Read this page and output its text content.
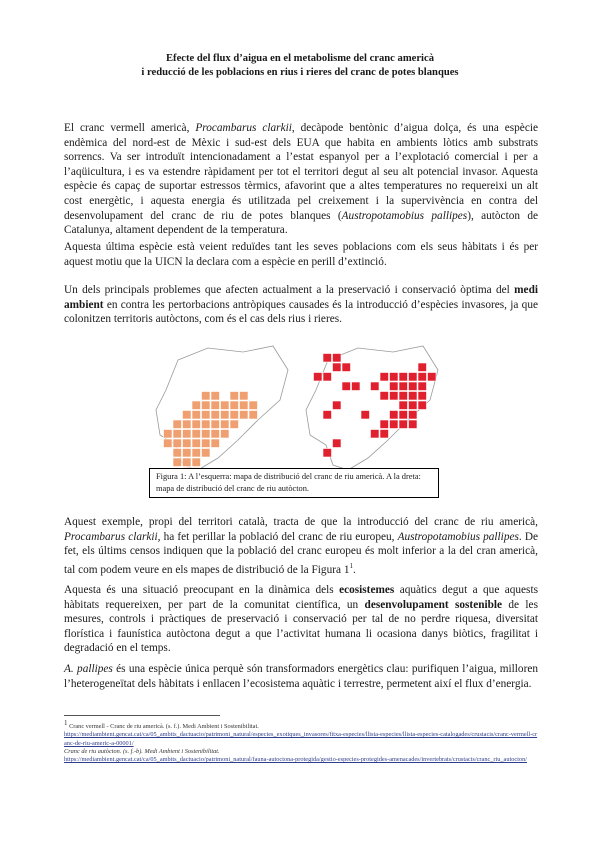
Efecte del flux d’aigua en el metabolisme del cranc americà
i reducció de les poblacions en rius i rieres del cranc de potes blanques

El cranc vermell americà, Procambarus clarkii, decàpode bentònic d’aigua dolça, és una espècie endèmica del nord-est de Mèxic i sud-est dels EUA que habita en ambients lòtics amb substrats sorrencs. Va ser introduït intencionadament a l’estat espanyol per a l’explotació comercial i per a l’aqüicultura, i es va estendre ràpidament per tot el territori degut al seu alt potencial invasor. Aquesta espècie és capaç de suportar estressos tèrmics, afavorint que a altes temperatures no requereixi un alt cost energètic, i aquesta energia és utilitzada pel creixement i la supervivència en contra del desenvolupament del cranc de riu de potes blanques (Austropotamobius pallipes), autòcton de Catalunya, altament dependent de la temperatura.

Aquesta última espècie està veient reduïdes tant les seves poblacions com els seus hàbitats i és per aquest motiu que la UICN la declara com a espècie en perill d’extinció.

Un dels principals problemes que afecten actualment a la preservació i conservació òptima del medi ambient en contra les pertorbacions antròpiques causades és la introducció d’espècies invasores, ja que colonitzen territoris autòctons, com és el cas dels rius i rieres.

Figura 1: A l’esquerra: mapa de distribució del cranc de riu americà. A la dreta: mapa de distribució del cranc de riu autòcton.

Aquest exemple, propi del territori català, tracta de que la introducció del cranc de riu americà, Procambarus clarkii, ha fet perillar la població del cranc de riu europeu, Austropotamobius pallipes. De fet, els últims censos indiquen que la població del cranc europeu és molt inferior a la del cran americà, tal com podem veure en els mapes de distribució de la Figura $1^1$.

Aquesta és una situació preocupant en la dinàmica dels ecosistemes aquàtics degut a que aquests hàbitats requereixen, per part de la comunitat científica, un desenvolupament sostenible de les mesures, controls i pràctiques de preservació i conservació per tal de no perdre riquesa, diversitat florística i faunística autòctona degut a que l’activitat humana li ocasiona danys biòtics, fragilitat i degradació en el temps.

A. pallipes és una espècie única perquè són transformadors energètics clau: purifiquen l’aigua, milloren l’heterogeneïtat dels hàbitats i enllacen l’ecosistema aquàtic i terrestre, permetent així el flux d’energia.

$^1$ Cranc vermell - Cranc de riu americà. (s. f.). Medi Ambient i Sostenibilitat.
https://mediambient.gencat.cat/ca/05_ambits_dactuacio/patrimoni_natural/especies_exotiques_invasores/fitxa-especies/llista-especies/llista-especies-catalogades/crustacis/cranc-vermell-cranc-de-riu-americ-a-00001/
Cranc de riu autòcton. (s. f.-b). Medi Ambient i Sostenibilitat.
https://mediambient.gencat.cat/ca/05_ambits_dactuacio/patrimoni_natural/fauna-autoctona-protegida/gestio-especies-protegides-amenacades/invertebrats/crustacis/cranc_riu_autocton/
